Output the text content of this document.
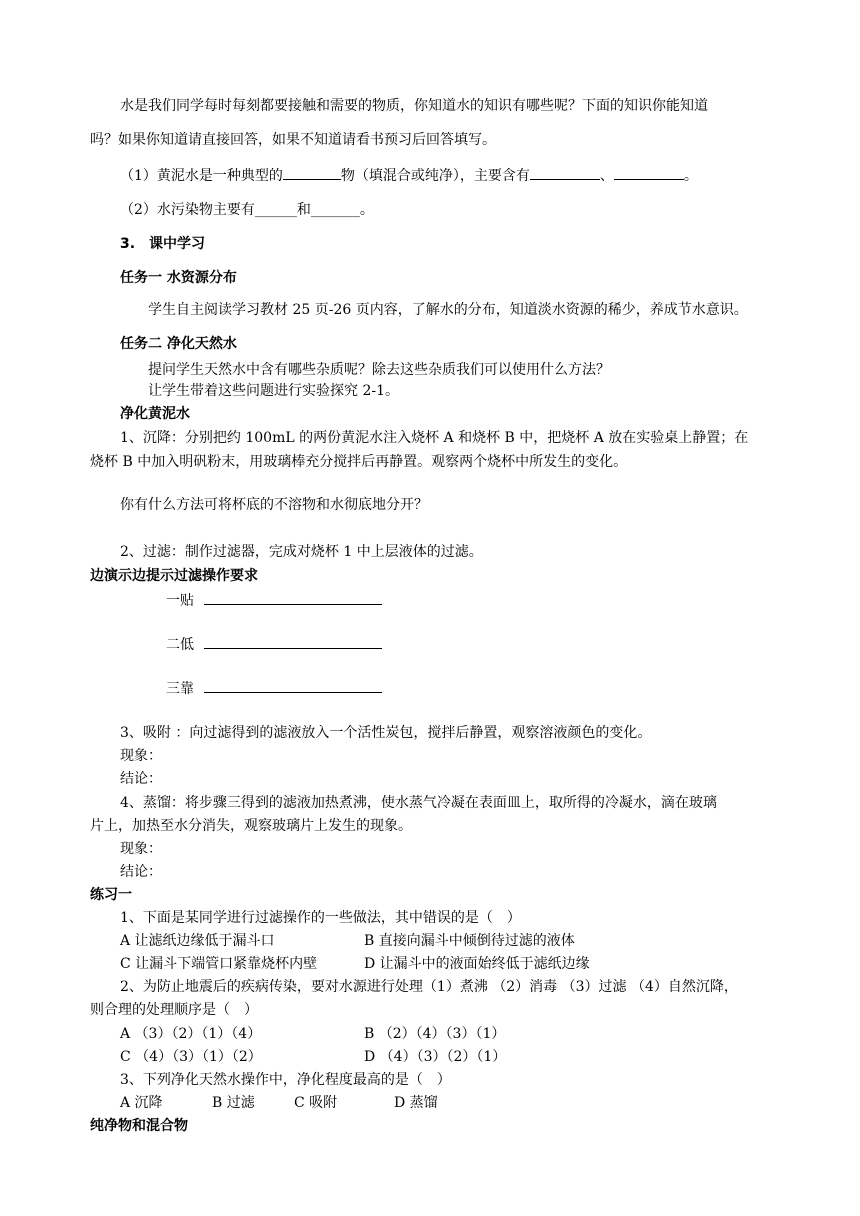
水是我们同学每时每刻都要接触和需要的物质，你知道水的知识有哪些呢？下面的知识你能知道
吗？如果你知道请直接回答，如果不知道请看书预习后回答填写。
（1）黄泥水是一种典型的	物（填混合或纯净），主要含有	、	。
（2）水污染物主要有______和_______。
3.　课中学习
任务一 水资源分布
学生自主阅读学习教材 25 页-26 页内容，了解水的分布，知道淡水资源的稀少，养成节水意识。
任务二 净化天然水
提问学生天然水中含有哪些杂质呢？除去这些杂质我们可以使用什么方法？
让学生带着这些问题进行实验探究 2-1。
净化黄泥水
1、沉降：分别把约 100mL 的两份黄泥水注入烧杯 A 和烧杯 B 中，把烧杯 A 放在实验桌上静置；在
烧杯 B 中加入明矾粉末，用玻璃棒充分搅拌后再静置。观察两个烧杯中所发生的变化。
你有什么方法可将杯底的不溶物和水彻底地分开？
2、过滤：制作过滤器，完成对烧杯 1 中上层液体的过滤。
边演示边提示过滤操作要求
一贴
二低
三靠
3、吸附 ：向过滤得到的滤液放入一个活性炭包，搅拌后静置，观察溶液颜色的变化。
现象：
结论：
4、蒸馏：将步骤三得到的滤液加热煮沸，使水蒸气冷凝在表面皿上，取所得的冷凝水，滴在玻璃
片上，加热至水分消失，观察玻璃片上发生的现象。
现象：
结论：
练习一
1、下面是某同学进行过滤操作的一些做法，其中错误的是（　）
A 让滤纸边缘低于漏斗口	B 直接向漏斗中倾倒待过滤的液体
C 让漏斗下端管口紧靠烧杯内壁	D 让漏斗中的液面始终低于滤纸边缘
2、为防止地震后的疾病传染，要对水源进行处理（1）煮沸 （2）消毒 （3）过滤 （4）自然沉降，
则合理的处理顺序是（　）
A （3）（2）（1）（4）	B （2）（4）（3）（1）
C （4）（3）（1）（2）	D （4）（3）（2）（1）
3、下列净化天然水操作中，净化程度最高的是（　）
A 沉降	B 过滤	C 吸附	D 蒸馏
纯净物和混合物
